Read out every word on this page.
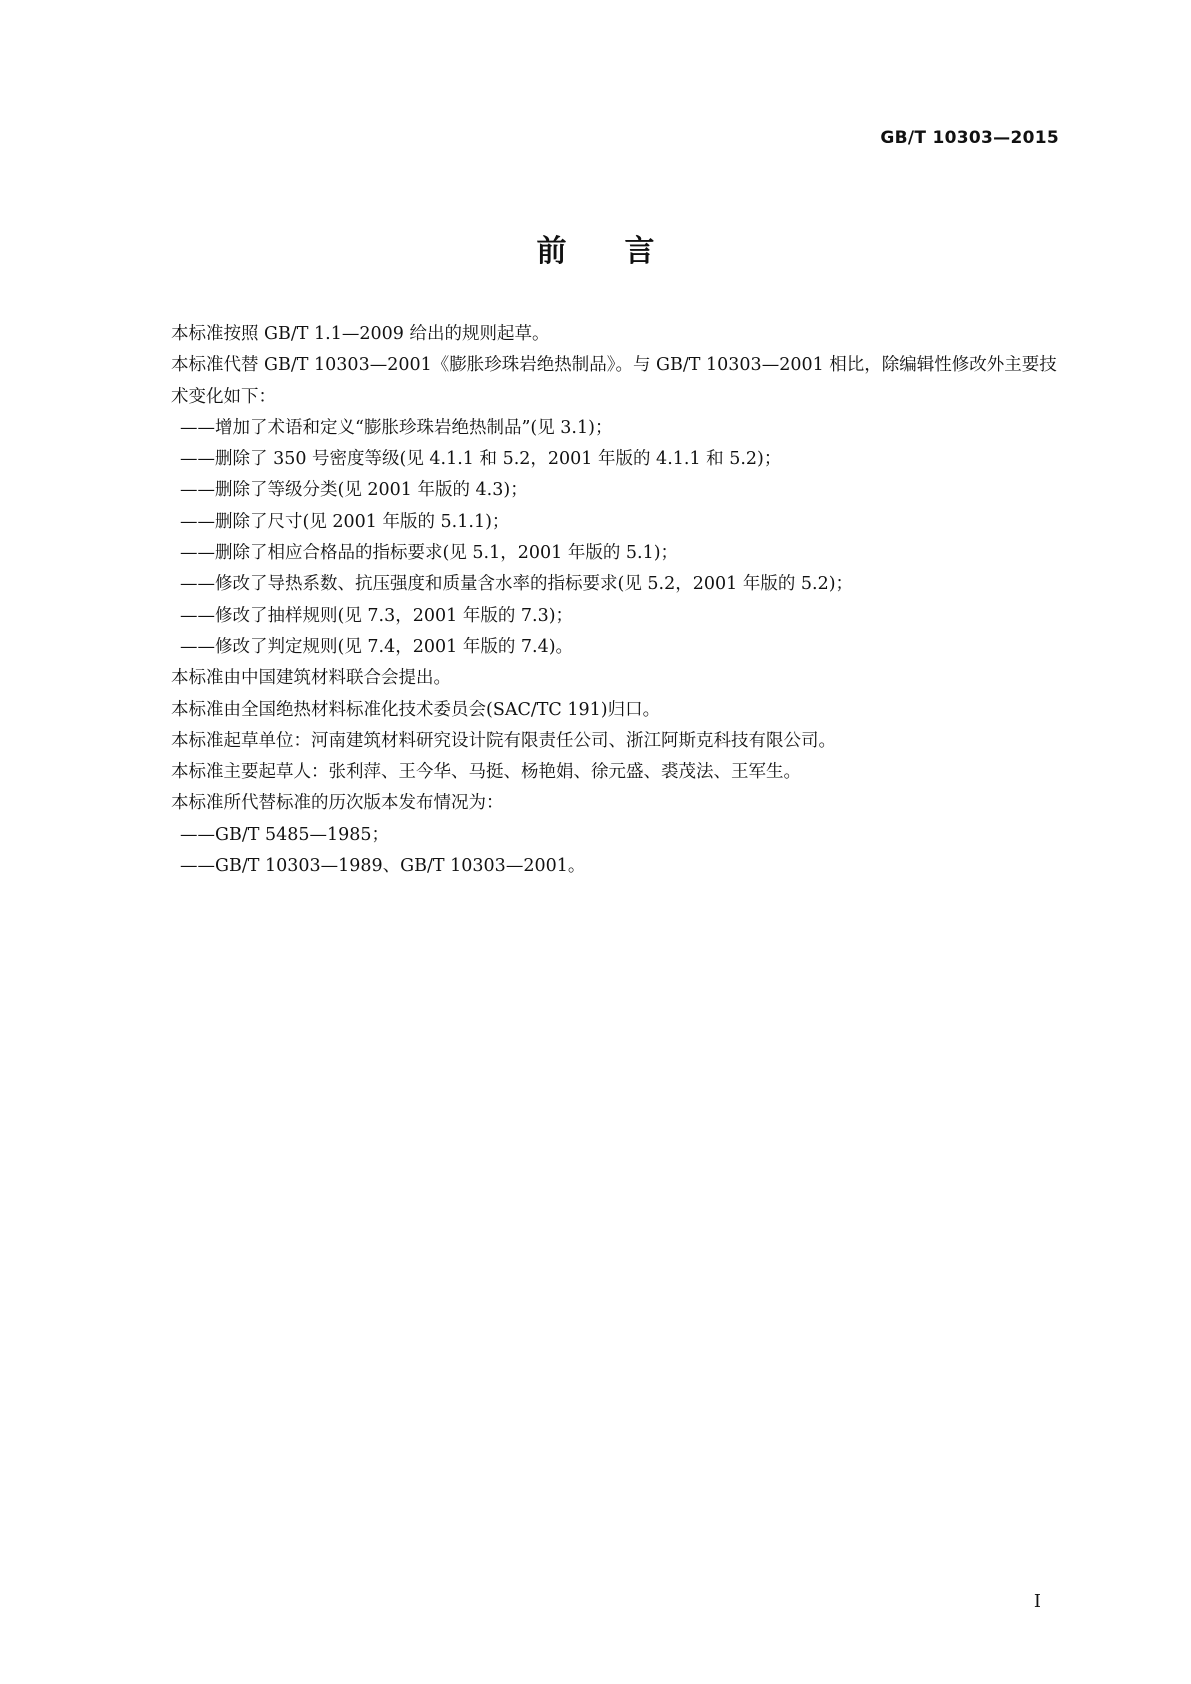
GB/T 10303—2015
前言

本标准按照 GB/T 1.1—2009 给出的规则起草。

本标准代替 GB/T 10303—2001《膨胀珍珠岩绝热制品》。与 GB/T 10303—2001 相比，除编辑性修改外主要技术变化如下：

——增加了术语和定义“膨胀珍珠岩绝热制品”(见 3.1)；

——删除了 350 号密度等级(见 4.1.1 和 5.2，2001 年版的 4.1.1 和 5.2)；

——删除了等级分类(见 2001 年版的 4.3)；

——删除了尺寸(见 2001 年版的 5.1.1)；

——删除了相应合格品的指标要求(见 5.1，2001 年版的 5.1)；

——修改了导热系数、抗压强度和质量含水率的指标要求(见 5.2，2001 年版的 5.2)；

——修改了抽样规则(见 7.3，2001 年版的 7.3)；

——修改了判定规则(见 7.4，2001 年版的 7.4)。

本标准由中国建筑材料联合会提出。

本标准由全国绝热材料标准化技术委员会(SAC/TC 191)归口。

本标准起草单位：河南建筑材料研究设计院有限责任公司、浙江阿斯克科技有限公司。

本标准主要起草人：张利萍、王今华、马挺、杨艳娟、徐元盛、裘茂法、王军生。

本标准所代替标准的历次版本发布情况为：

——GB/T 5485—1985；

——GB/T 10303—1989、GB/T 10303—2001。

I
